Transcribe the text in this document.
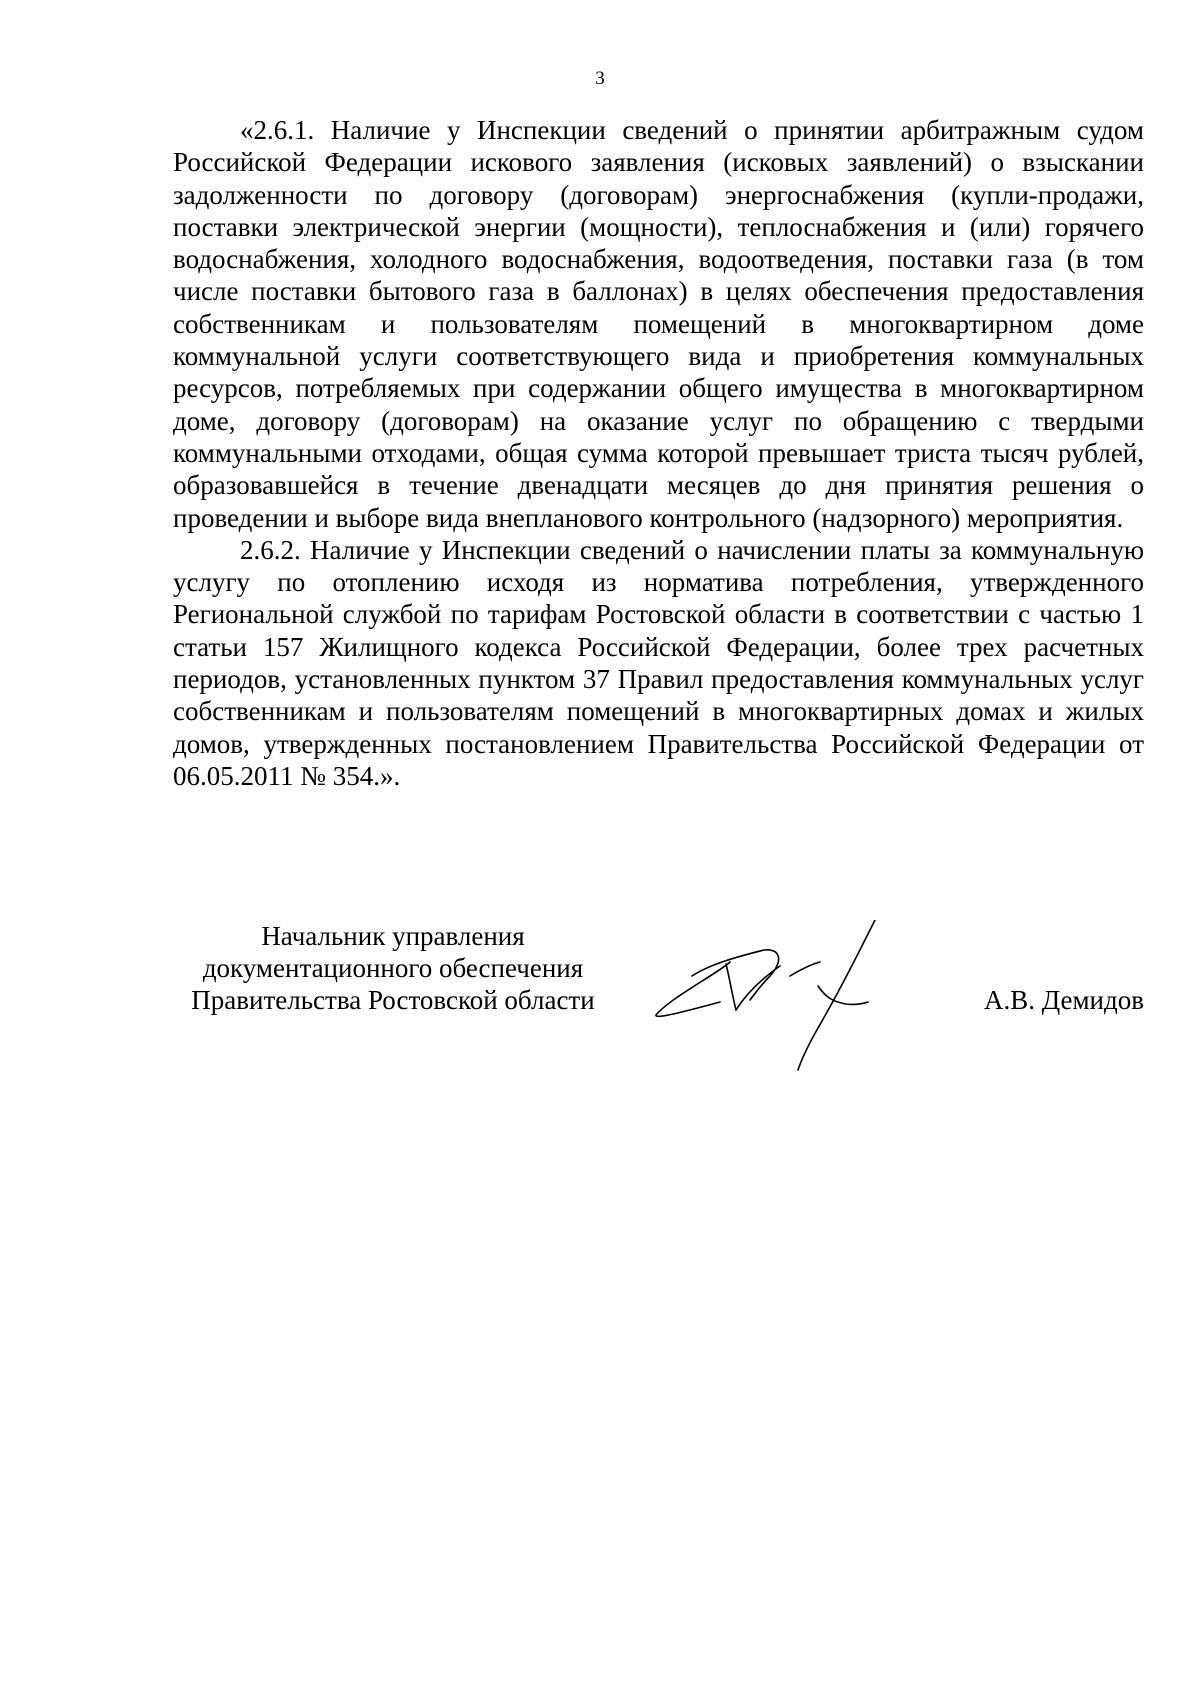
3

«2.6.1. Наличие у Инспекции сведений о принятии арбитражным судом Российской Федерации искового заявления (исковых заявлений) о взыскании задолженности по договору (договорам) энергоснабжения (купли-продажи, поставки электрической энергии (мощности), теплоснабжения и (или) горячего водоснабжения, холодного водоснабжения, водоотведения, поставки газа (в том числе поставки бытового газа в баллонах) в целях обеспечения предоставления собственникам и пользователям помещений в многоквартирном доме коммунальной услуги соответствующего вида и приобретения коммунальных ресурсов, потребляемых при содержании общего имущества в многоквартирном доме, договору (договорам) на оказание услуг по обращению с твердыми коммунальными отходами, общая сумма которой превышает триста тысяч рублей, образовавшейся в течение двенадцати месяцев до дня принятия решения о проведении и выборе вида внепланового контрольного (надзорного) мероприятия.

2.6.2. Наличие у Инспекции сведений о начислении платы за коммунальную услугу по отоплению исходя из норматива потребления, утвержденного Региональной службой по тарифам Ростовской области в соответствии с частью 1 статьи 157 Жилищного кодекса Российской Федерации, более трех расчетных периодов, установленных пунктом 37 Правил предоставления коммунальных услуг собственникам и пользователям помещений в многоквартирных домах и жилых домов, утвержденных постановлением Правительства Российской Федерации от 06.05.2011 № 354.».

Начальник управления
документационного обеспечения
Правительства Ростовской области	А.В. Демидов
